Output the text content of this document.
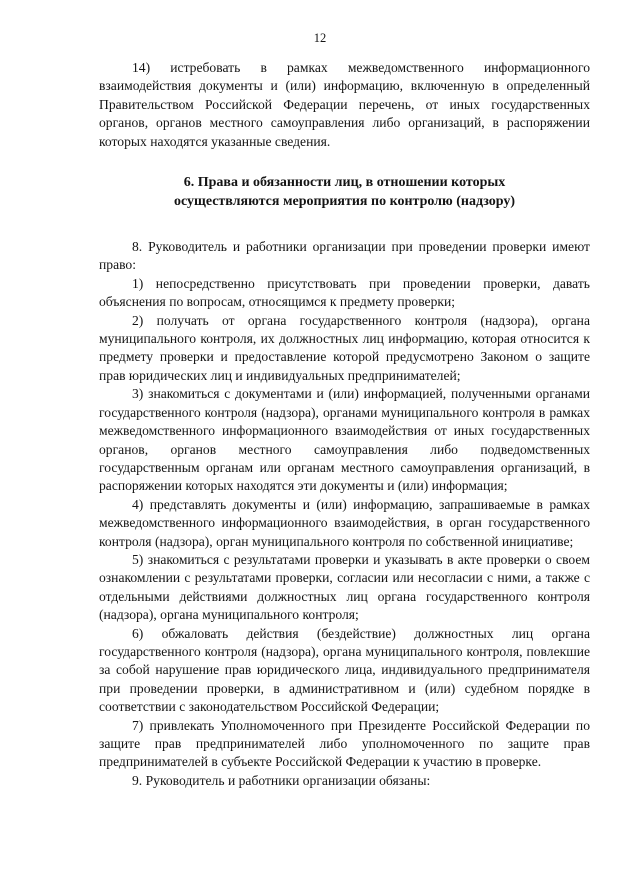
12

14) истребовать в рамках межведомственного информационного взаимодействия документы и (или) информацию, включенную в определенный Правительством Российской Федерации перечень, от иных государственных органов, органов местного самоуправления либо организаций, в распоряжении которых находятся указанные сведения.

6. Права и обязанности лиц, в отношении которых
осуществляются мероприятия по контролю (надзору)

8. Руководитель и работники организации при проведении проверки имеют право:

1) непосредственно присутствовать при проведении проверки, давать объяснения по вопросам, относящимся к предмету проверки;

2) получать от органа государственного контроля (надзора), органа муниципального контроля, их должностных лиц информацию, которая относится к предмету проверки и предоставление которой предусмотрено Законом о защите прав юридических лиц и индивидуальных предпринимателей;

3) знакомиться с документами и (или) информацией, полученными органами государственного контроля (надзора), органами муниципального контроля в рамках межведомственного информационного взаимодействия от иных государственных органов, органов местного самоуправления либо подведомственных государственным органам или органам местного самоуправления организаций, в распоряжении которых находятся эти документы и (или) информация;

4) представлять документы и (или) информацию, запрашиваемые в рамках межведомственного информационного взаимодействия, в орган государственного контроля (надзора), орган муниципального контроля по собственной инициативе;

5) знакомиться с результатами проверки и указывать в акте проверки о своем ознакомлении с результатами проверки, согласии или несогласии с ними, а также с отдельными действиями должностных лиц органа государственного контроля (надзора), органа муниципального контроля;

6) обжаловать действия (бездействие) должностных лиц органа государственного контроля (надзора), органа муниципального контроля, повлекшие за собой нарушение прав юридического лица, индивидуального предпринимателя при проведении проверки, в административном и (или) судебном порядке в соответствии с законодательством Российской Федерации;

7) привлекать Уполномоченного при Президенте Российской Федерации по защите прав предпринимателей либо уполномоченного по защите прав предпринимателей в субъекте Российской Федерации к участию в проверке.

9. Руководитель и работники организации обязаны:
